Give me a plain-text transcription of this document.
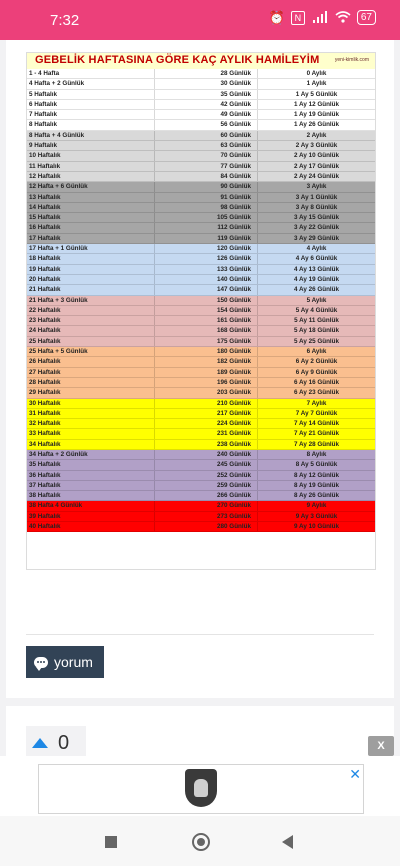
7:32	⏰	N	67
GEBELİK HAFTASINA GÖRE KAÇ AYLIK HAMİLEYİM	yeni-kimlik.com
1 - 4 Hafta	28 Günlük	0 Aylık
4 Hafta + 2 Günlük	30 Günlük	1 Aylık
5 Haftalık	35 Günlük	1 Ay 5 Günlük
6 Haftalık	42 Günlük	1 Ay 12 Günlük
7 Haftalık	49 Günlük	1 Ay 19 Günlük
8 Haftalık	56 Günlük	1 Ay 26 Günlük
8 Hafta + 4 Günlük	60 Günlük	2 Aylık
9 Haftalık	63 Günlük	2 Ay 3 Günlük
10 Haftalık	70 Günlük	2 Ay 10 Günlük
11 Haftalık	77 Günlük	2 Ay 17 Günlük
12 Haftalık	84 Günlük	2 Ay 24 Günlük
12 Hafta + 6 Günlük	90 Günlük	3 Aylık
13 Haftalık	91 Günlük	3 Ay 1 Günlük
14 Haftalık	98 Günlük	3 Ay 8 Günlük
15 Haftalık	105 Günlük	3 Ay 15 Günlük
16 Haftalık	112 Günlük	3 Ay 22 Günlük
17 Haftalık	119 Günlük	3 Ay 29 Günlük
17 Hafta + 1 Günlük	120 Günlük	4 Aylık
18 Haftalık	126 Günlük	4 Ay 6 Günlük
19 Haftalık	133 Günlük	4 Ay 13 Günlük
20 Haftalık	140 Günlük	4 Ay 19 Günlük
21 Haftalık	147 Günlük	4 Ay 26 Günlük
21 Hafta + 3 Günlük	150 Günlük	5 Aylık
22 Haftalık	154 Günlük	5 Ay 4 Günlük
23 Haftalık	161 Günlük	5 Ay 11 Günlük
24 Haftalık	168 Günlük	5 Ay 18 Günlük
25 Haftalık	175 Günlük	5 Ay 25 Günlük
25 Hafta + 5 Günlük	180 Günlük	6 Aylık
26 Haftalık	182 Günlük	6 Ay 2 Günlük
27 Haftalık	189 Günlük	6 Ay 9 Günlük
28 Haftalık	196 Günlük	6 Ay 16 Günlük
29 Haftalık	203 Günlük	6 Ay 23 Günlük
30 Haftalık	210 Günlük	7 Aylık
31 Haftalık	217 Günlük	7 Ay 7 Günlük
32 Haftalık	224 Günlük	7 Ay 14 Günlük
33 Haftalık	231 Günlük	7 Ay 21 Günlük
34 Haftalık	238 Günlük	7 Ay 28 Günlük
34 Hafta + 2 Günlük	240 Günlük	8 Aylık
35 Haftalık	245 Günlük	8 Ay 5 Günlük
36 Haftalık	252 Günlük	8 Ay 12 Günlük
37 Haftalık	259 Günlük	8 Ay 19 Günlük
38 Haftalık	266 Günlük	8 Ay 26 Günlük
38 Hafta 4 Günlük	270 Günlük	9 Aylık
39 Haftalık	273 Günlük	9 Ay 3 Günlük
40 Haftalık	280 Günlük	9 Ay 10 Günlük
yorum
0	X
✕
